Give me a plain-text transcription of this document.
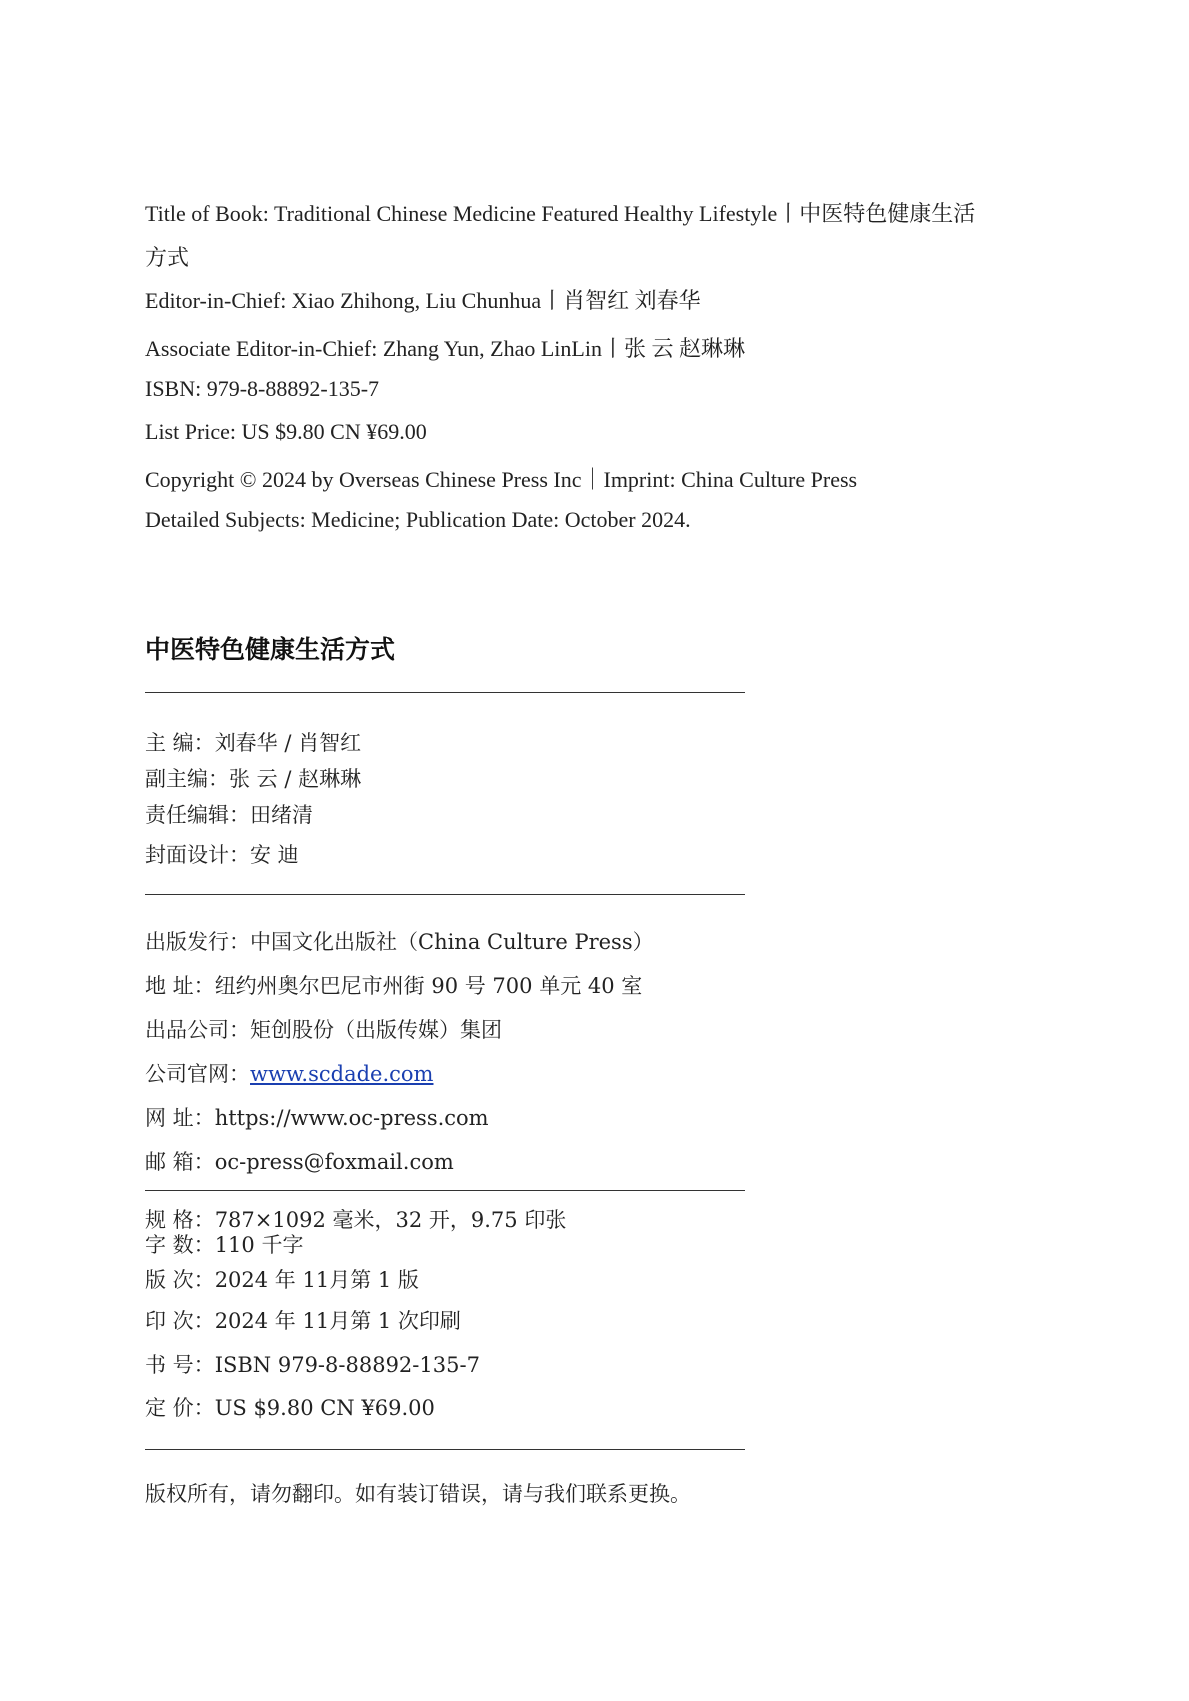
Title of Book: Traditional Chinese Medicine Featured Healthy Lifestyle丨中医特色健康生活
方式
Editor-in-Chief: Xiao Zhihong, Liu Chunhua丨肖智红 刘春华
Associate Editor-in-Chief: Zhang Yun, Zhao LinLin丨张 云 赵琳琳
ISBN: 979-8-88892-135-7
List Price: US $9.80 CN ¥69.00
Copyright © 2024 by Overseas Chinese Press Inc｜Imprint: China Culture Press
Detailed Subjects: Medicine; Publication Date: October 2024.
中医特色健康生活方式
主 编：刘春华 / 肖智红
副主编：张 云 / 赵琳琳
责任编辑：田绪清
封面设计：安 迪
出版发行：中国文化出版社（China Culture Press）
地 址：纽约州奥尔巴尼市州街 90 号 700 单元 40 室
出品公司：矩创股份（出版传媒）集团
公司官网：www.scdade.com
网 址：https://www.oc-press.com
邮 箱：oc-press@foxmail.com
规 格：787×1092 毫米，32 开，9.75 印张
字 数：110 千字
版 次：2024 年 11月第 1 版
印 次：2024 年 11月第 1 次印刷
书 号：ISBN 979-8-88892-135-7
定 价：US $9.80 CN ¥69.00
版权所有，请勿翻印。如有装订错误，请与我们联系更换。
